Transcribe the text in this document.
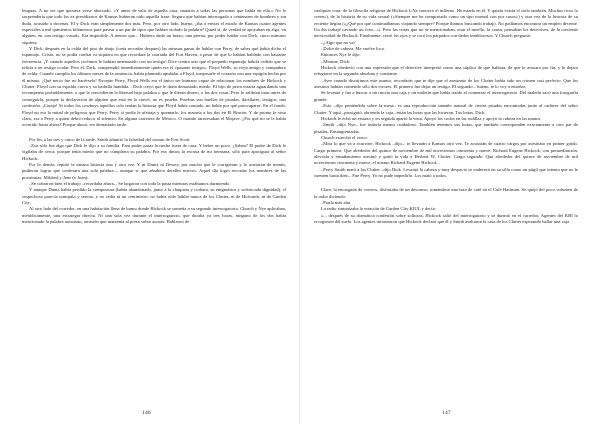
lenguas. A no ser que quisiera verse ahorcado. «Y antes de salir de aquella casa, matarás a todas las personas que había en ella.» No le sorprendería que todo los ex presidiarios de Kansas hubieran oído aquella frase. Seguro que habían interrogado a centenares de hombres y sin duda, acusado a docenas. El y Dick eran simplemente dos más. Pero, por otro lado, bueno, ¿iba a enviar el estado de Kansas cuatro agentes especiales a mil quinientos kilómetros para pasear a un par de tipos que habían violado la palabra? Quizá sí, de verdad se apoyaban en algo, en alguien, en «un testigo visual». Era imposible. A menos que... Hubiera dado un brazo, una pierna, por poder hablar con Dick, cinco minutos siquiera.

Y Dick, después en la celda del piso de abajo (creía recordar despues) las mismas ganas de hablar con Perry, de saber qué había dicho el espantajo. Cristo, no se podía confiar ni siquiera en que recordara la coartada del Fort Haven, a pesar de que lo habían hablado con bastante frecuencia. ¡Y cuando aquellos cochinos le habían amenazado con un testigo! Dice contra uno qué el pequeño espantajo habría cedido que se refiría a un testigo ocular. Pero él, Dick, comprendió inmediatamente quién era el «pasante testigo»: Floyd Wells, su viejo amigo y compañero de celda. Cuando cumplía los últimos meses de la sentencia, había planeado apuñalar a Floyd, traspasarle el corazón con una espigón hecha por él mismo. ¡Qué necio fue no hacérselo! Excepto Perry, Floyd Wells era el único ser humano capaz de relacionar los nombres de Hickock y Clutter. Floyd con su espalda curva y su barbilla hundida... Dick creyó que le daría demasiado miedo. El hijo de perra estaría aguardando una recompensa probablemente, o que le concedieran la libertad bajo palabra o que le dieran dinero, o las dos cosas. Pero lo saldrían unas antes de conseguirla, porque la declaración de alguien que está en la cárcel, no es prueba. Pruebas son huellas de pisadas, dactilares, testigos, una confesión. ¡Carajo! Si todos los cowboys aquellos solo tenían la historia que Floyd había contado, no había por qué preocuparse. En el fondo, Floyd no era la mitad de peligroso que Perry. Perry sí podía le afeitaja y quemarlo, los mataría a los dos en El Rincón. Y de pronto le vino claro, era a Perry a quien debió reducir al silencio. En alguna carretera de México. O cuando atravesaban el Mojave. ¿Por qué no se le había ocurrido hasta ahora? Porque ahora, era demasiado tarde.

Por fin, a las tres y cinco de la tarde, Smith admitió la falsedad del cuento de Fort Scott.

–Eso sólo fue algo que Dick le dijo a su familia. Para poder pasar la noche fuera de casa. Y beber un poco. ¿Saben? El padre de Dick le vigilaba de cerca, porque tenía miedo que no cumpliera su palabra. Por eso dimos la excusa de mi hermana, sólo para apaciguar al señor Hickock.

Por lo demás, repitió la misma historia una y otra vez. Y ni Duntz ni Dewey, por mucho que le corrigieran y lo acusaran de mentir, pudieron lograr que confesara una sola palabra..., aunque sí que añadiera detalles nuevos. Aquel día logró recordar los nombres de las prostitutas: Mildred y Jane (o Joan):

–Se cobraron bien el trabajo –recordaba ahora–. Se largaron con toda la pasta mientras estábamos durmiendo.

Y aunque Duntz había perdido la compostura (había abandonado, junto a la chaqueta y corbata, su enigmática y sofisticada dignidad), el sospechoso parecía tranquilo y sereno, y no cedía ni un centímetro: no había oído hablar nunca de los Clutter, ni de Holcomb, ni de Garden City.

Al otro lado del corredor, en una habitación llena de humo donde Hickock se sometía a su segundo interrogatorio, Church y Nye aplicaban, metódicamente, una estrategia directa. Ni una sola vez durante el interrogatorio, que duraba ya tres horas, ninguno de los dos había mencionado la palabra asesinato, omisión que mantenía al preso sobre ascuas. Hablaron de

146

cualquier cosa: de la filosofía religiosa de Hickock («Ya conozco el infierno. He estado en él. Y quizás exista el cielo también. Muchos ricos lo creen»), de la historia de su vida sexual («Siempre me he comportado como un tipo normal con por casos») y otra vez de la historia de su reciente hégira («¿Qué por qué continuábamos viajando siempre? Porque íbamos buscando trabajo. No podíamos encontrar un empleo decente. Un día trabajé cavando un foso...»). Pero las cosas que no se mencionaban, eran el meollo, la causa, pensaban los detectives, de la creciente nerviosidad de Hickock. Finalmente, cerró los ojos y se tocó los párpados con dedos temblorosos. Y Church preguntó:

–¿Algo que no va?

–Dolor de cabeza. Me vuelve loco.

Entonces Nye le dijo:

–Mírame, Dick.

Hickock obedeció con una expresión que el detective interpretó como una súplica de que hablara, de que le acusara por fin, y le dejara refugiarse en la segunda absoluta y constante.

–Ayer cuando discutimos este asunto, recordarás que te dije que el asesinato de los Clutter había sido un crimen casi perfecto. Que los asesinos habían cometido sólo dos errores. El primero fue dejar un testigo. El segundo... bueno, te lo voy a enseñar.

Se levantó y fue a buscar a un rincón una caja y un maletín que había traído al comenzar el interrogatorio. Del maletín sacó una fotografía grande.

–Esto –dijo poniéndola sobre la mesa– es una reproducción tamaño natural de ciertas pisadas encontradas junto al cadáver del señor Clutter. Y aquí –prosiguió, abriendo la caja– están las botas que las hicieron. Tus botas, Dick.

Hickock le echó un vistazo y en seguida apartó la vista. Apoyó los codos en las rodillas y apoyó la cabeza en las manos.

–Smith –dijo Nye– fue todavía menos cuidadoso. También tenemos sus botas, que también corresponden exactamente a otro par de pisadas. Ensangrentadas.

Church estrechó el cerco:

–Mira lo que va a ocurrirte, Hickock –dijo–: te llevarán a Kansas otra vez. Te acusarán de cuatro cargos por asesinato en primer grado. Cargo primero: Que alrededor del quince de noviembre de mil novecientos cincuenta y nueve, Richard Eugene Hickock, con premeditación, alevosía y ensañamiento asesinó y quitó la vida a Herbert W. Clutter. Cargo segundo: Que alrededor del quince de noviembre de mil novecientos cincuenta y nueve, el mismo Richard Eugene Hickock...

–Perry Smith mató a los Clutter –dijo Dick. Levantó la cabeza y muy despacio se enderezó en su silla como un púgil que intenta que no le cuenten hasta diez–. Fue Perry. Yo no pude impedirlo. Los mató a todos.

Clare, la encargada de correos, disfrutaba de un descanso, tomándose una taza de café en el Café Hartman. Se quejó del poco volumen de la radio diciendo:

–Ponla más alta.

La radio sintonizaba la estación de Garden City KIUL y decía:

«... después de su dramática confesión sobre sollozos, Hickock salió del interrogatorio y se durmió en el corredor. Agentes del KBI lo recogieron del suelo. Los agentes informaron que Hickock declaró que él y Smith asaltaron la casa de los Clutter esperando hallar una caja

147
